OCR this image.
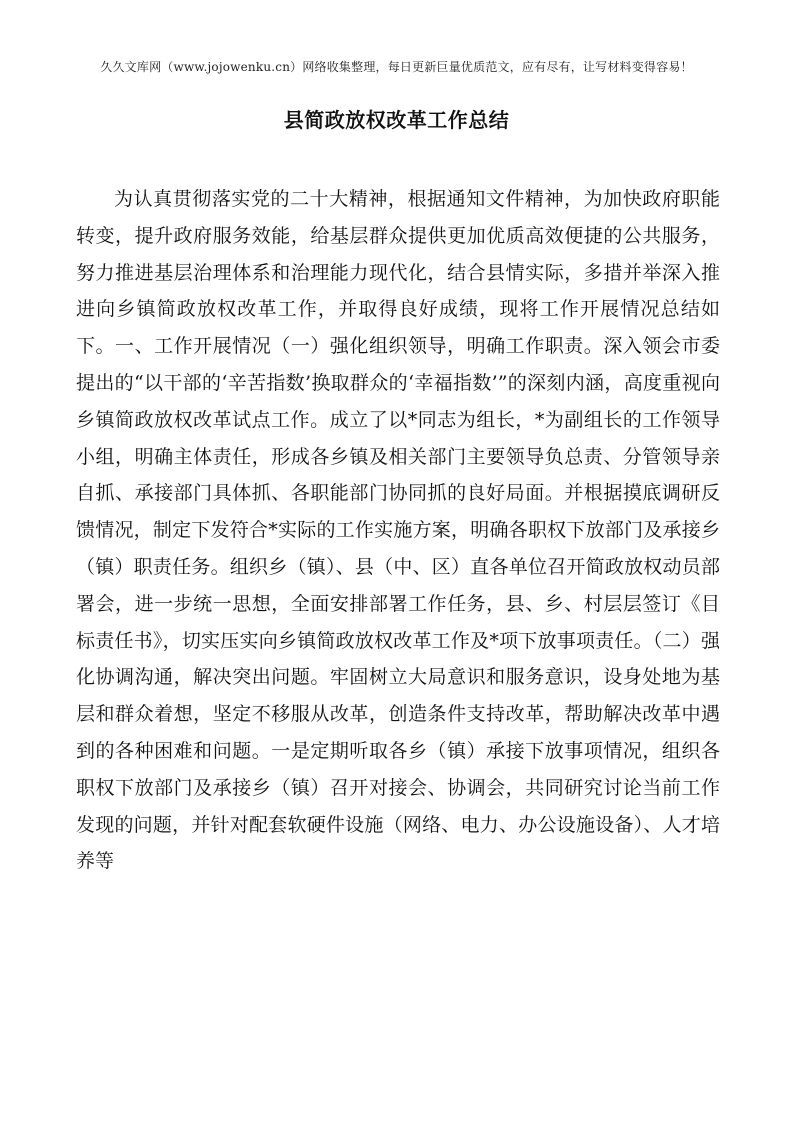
久久文库网（www.jojowenku.cn）网络收集整理，每日更新巨量优质范文，应有尽有，让写材料变得容易！
县简政放权改革工作总结

为认真贯彻落实党的二十大精神，根据通知文件精神，为加快政府职能转变，提升政府服务效能，给基层群众提供更加优质高效便捷的公共服务，努力推进基层治理体系和治理能力现代化，结合县情实际，多措并举深入推进向乡镇简政放权改革工作，并取得良好成绩，现将工作开展情况总结如下。一、工作开展情况（一）强化组织领导，明确工作职责。深入领会市委提出的“以干部的‘辛苦指数’换取群众的‘幸福指数’”的深刻内涵，高度重视向乡镇简政放权改革试点工作。成立了以*同志为组长，*为副组长的工作领导小组，明确主体责任，形成各乡镇及相关部门主要领导负总责、分管领导亲自抓、承接部门具体抓、各职能部门协同抓的良好局面。并根据摸底调研反馈情况，制定下发符合*实际的工作实施方案，明确各职权下放部门及承接乡（镇）职责任务。组织乡（镇）、县（中、区）直各单位召开简政放权动员部署会，进一步统一思想，全面安排部署工作任务，县、乡、村层层签订《目标责任书》，切实压实向乡镇简政放权改革工作及*项下放事项责任。（二）强化协调沟通，解决突出问题。牢固树立大局意识和服务意识，设身处地为基层和群众着想，坚定不移服从改革，创造条件支持改革，帮助解决改革中遇到的各种困难和问题。一是定期听取各乡（镇）承接下放事项情况，组织各职权下放部门及承接乡（镇）召开对接会、协调会，共同研究讨论当前工作发现的问题，并针对配套软硬件设施（网络、电力、办公设施设备）、人才培养等
